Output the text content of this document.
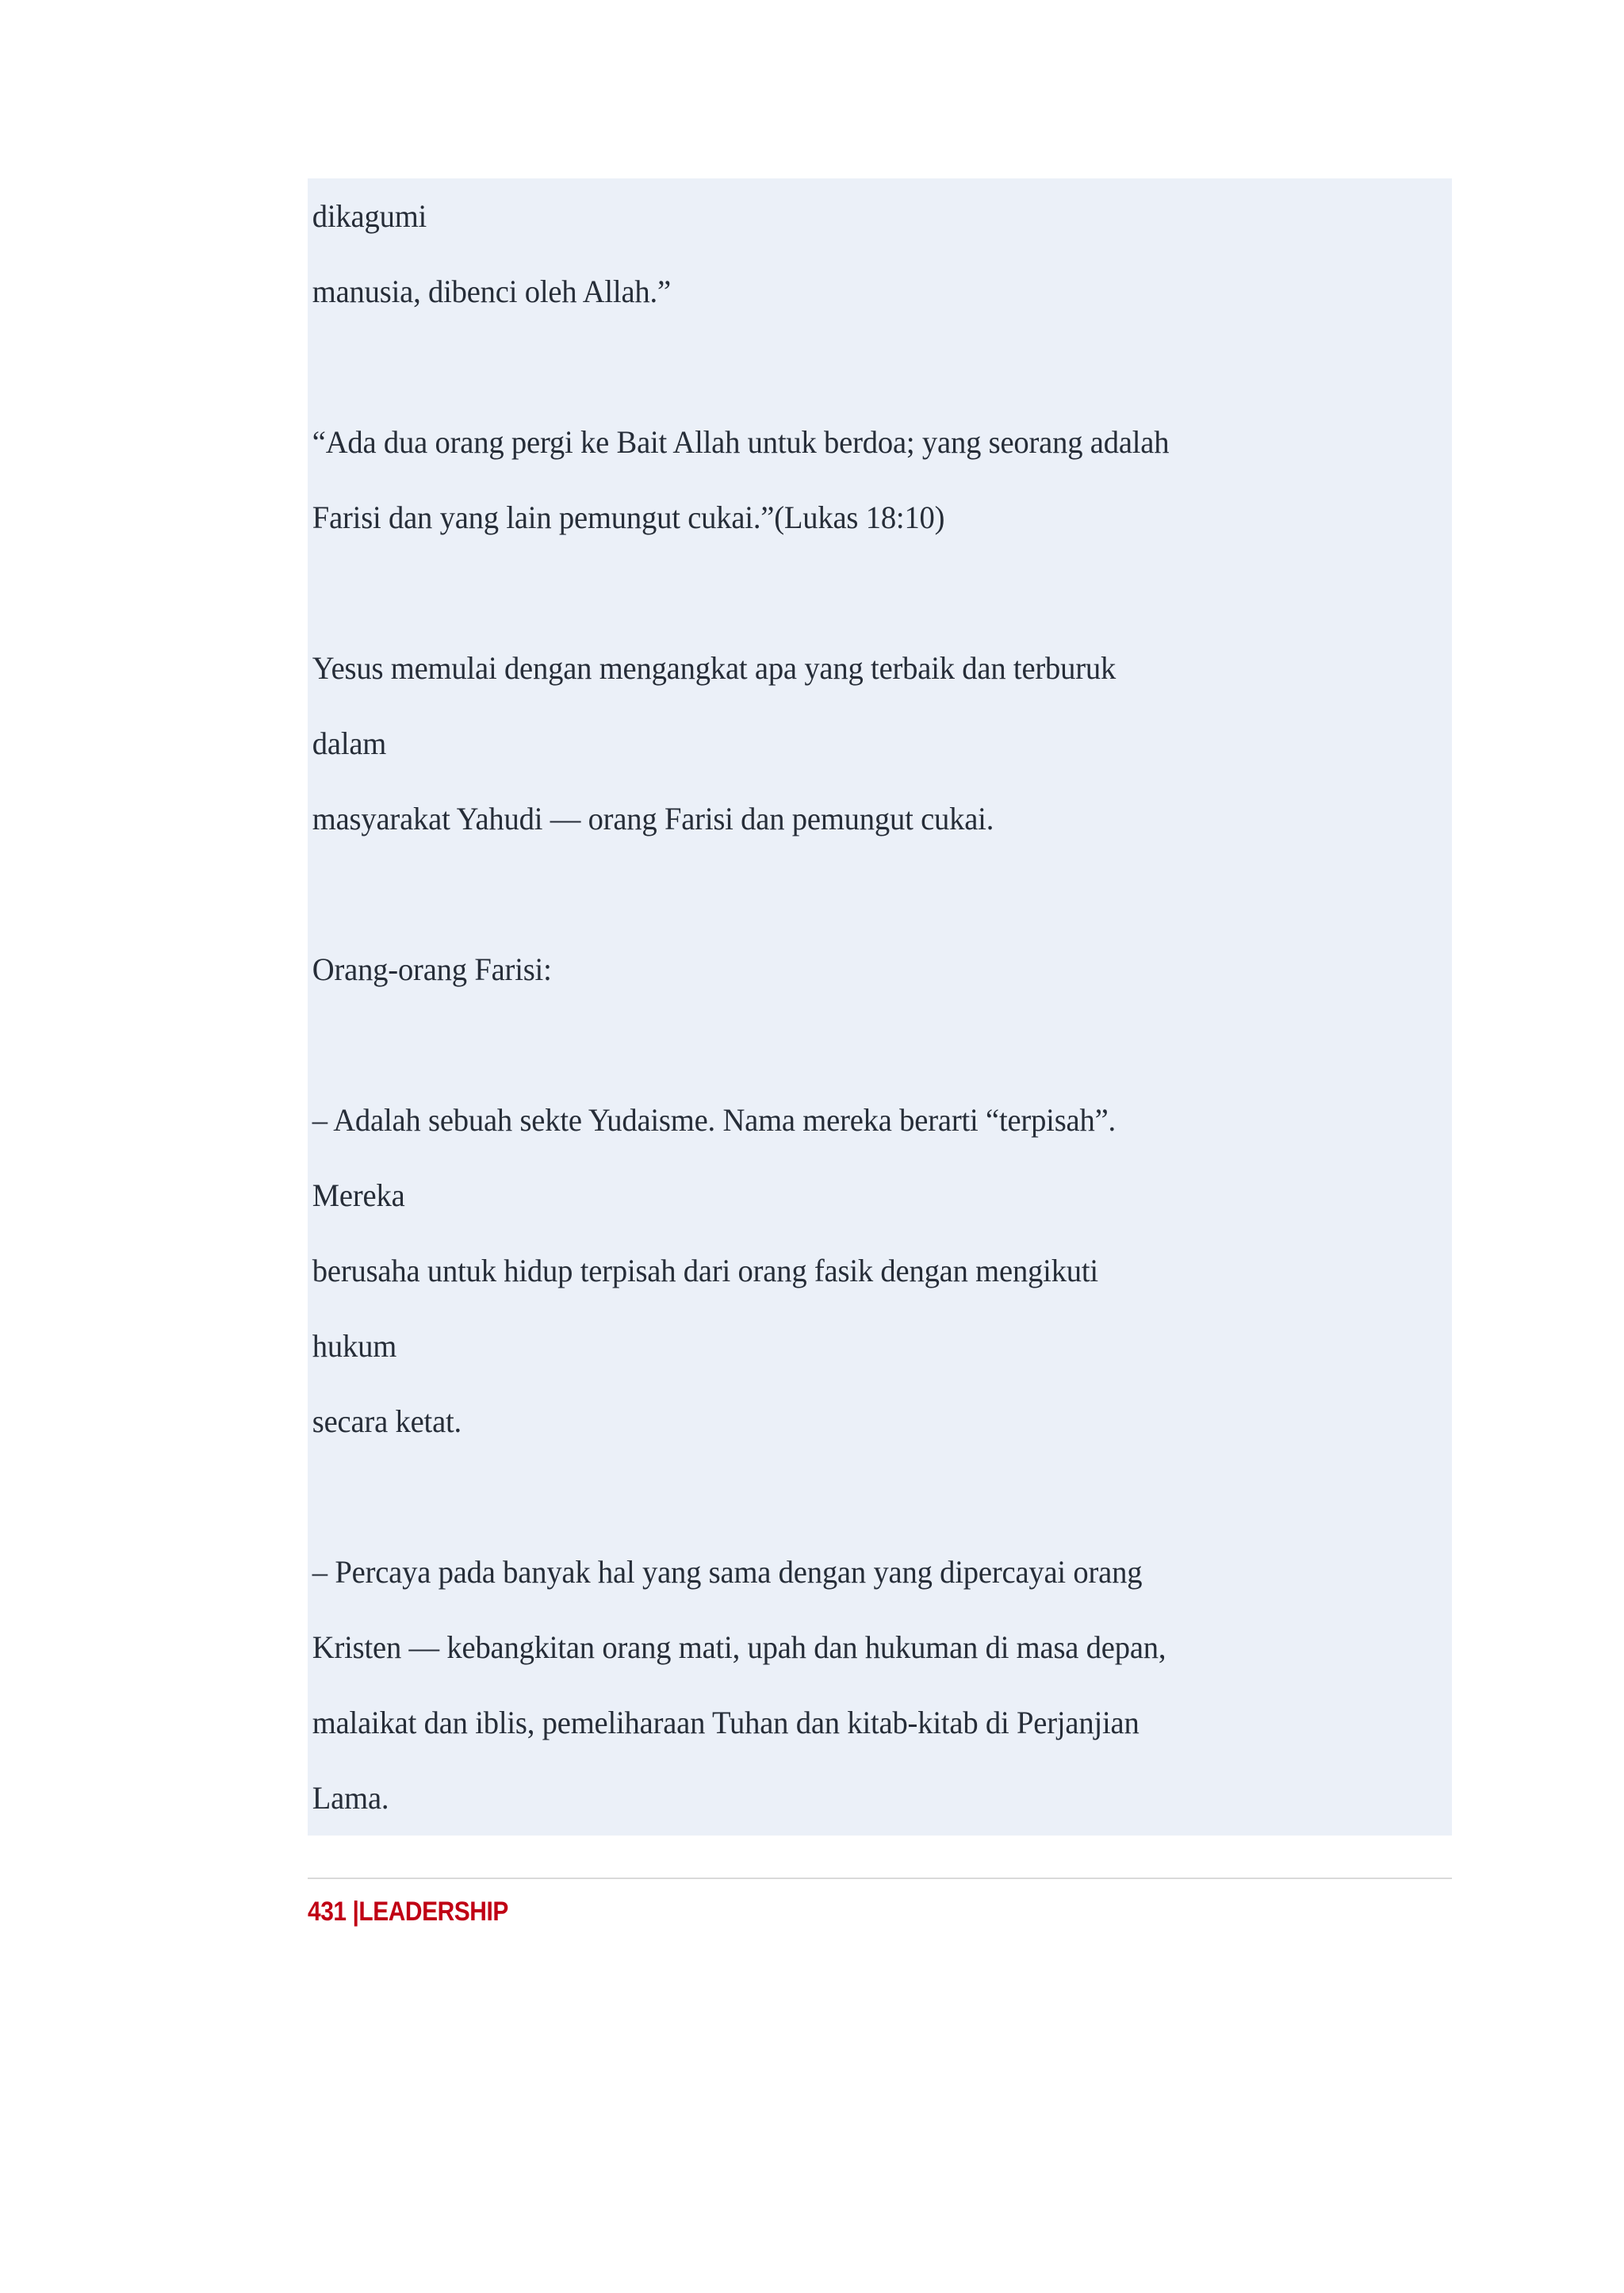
dikagumi
manusia, dibenci oleh Allah.”

“Ada dua orang pergi ke Bait Allah untuk berdoa; yang seorang adalah
Farisi dan yang lain pemungut cukai.”(Lukas 18:10)

Yesus memulai dengan mengangkat apa yang terbaik dan terburuk
dalam
masyarakat Yahudi — orang Farisi dan pemungut cukai.

Orang-orang Farisi:

– Adalah sebuah sekte Yudaisme. Nama mereka berarti “terpisah”.
Mereka
berusaha untuk hidup terpisah dari orang fasik dengan mengikuti
hukum
secara ketat.

– Percaya pada banyak hal yang sama dengan yang dipercayai orang
Kristen — kebangkitan orang mati, upah dan hukuman di masa depan,
malaikat dan iblis, pemeliharaan Tuhan dan kitab-kitab di Perjanjian
Lama.
431 |LEADERSHIP
